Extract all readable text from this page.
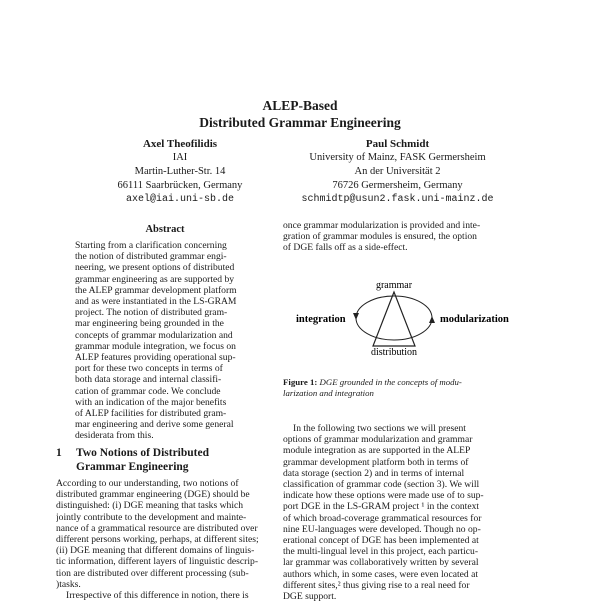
ALEP-Based
Distributed Grammar Engineering
Axel Theofilidis
IAI
Martin-Luther-Str. 14
66111 Saarbrücken, Germany
axel@iai.uni-sb.de
Paul Schmidt
University of Mainz, FASK Germersheim
An der Universität 2
76726 Germersheim, Germany
schmidtp@usun2.fask.uni-mainz.de
Abstract
Starting from a clarification concerning
the notion of distributed grammar engi-
neering, we present options of distributed
grammar engineering as are supported by
the ALEP grammar development platform
and as were instantiated in the LS-GRAM
project. The notion of distributed gram-
mar engineering being grounded in the
concepts of grammar modularization and
grammar module integration, we focus on
ALEP features providing operational sup-
port for these two concepts in terms of
both data storage and internal classifi-
cation of grammar code. We conclude
with an indication of the major benefits
of ALEP facilities for distributed gram-
mar engineering and derive some general
desiderata from this.
1	Two Notions of Distributed
Grammar Engineering
According to our understanding, two notions of
distributed grammar engineering (DGE) should be
distinguished: (i) DGE meaning that tasks which
jointly contribute to the development and mainte-
nance of a grammatical resource are distributed over
different persons working, perhaps, at different sites;
(ii) DGE meaning that different domains of linguis-
tic information, different layers of linguistic descrip-
tion are distributed over different processing (sub-
)tasks.
Irrespective of this difference in notion, there is
once grammar modularization is provided and inte-
gration of grammar modules is ensured, the option
of DGE falls off as a side-effect.
grammar
integration	modularization
distribution
Figure 1: DGE grounded in the concepts of modu-
larization and integration
In the following two sections we will present
options of grammar modularization and grammar
module integration as are supported in the ALEP
grammar development platform both in terms of
data storage (section 2) and in terms of internal
classification of grammar code (section 3). We will
indicate how these options were made use of to sup-
port DGE in the LS-GRAM project ¹ in the context
of which broad-coverage grammatical resources for
nine EU-languages were developed. Though no op-
erational concept of DGE has been implemented at
the multi-lingual level in this project, each particu-
lar grammar was collaboratively written by several
authors which, in some cases, were even located at
different sites,² thus giving rise to a real need for
DGE support.
